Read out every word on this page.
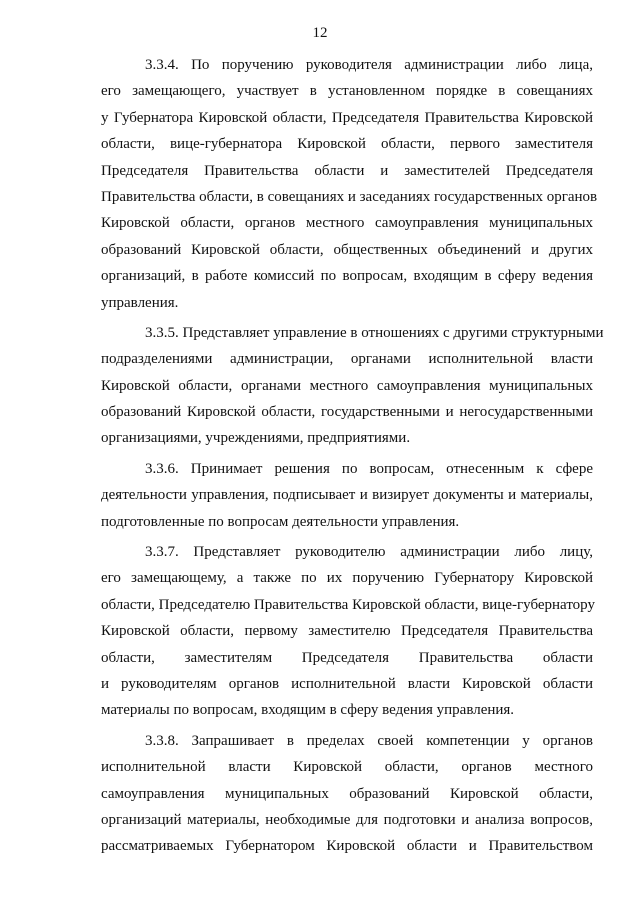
12
3.3.4. По поручению руководителя администрации либо лица,
его замещающего, участвует в установленном порядке в совещаниях
у Губернатора Кировской области, Председателя Правительства Кировской
области, вице-губернатора Кировской области, первого заместителя
Председателя Правительства области и заместителей Председателя
Правительства области, в совещаниях и заседаниях государственных органов
Кировской области, органов местного самоуправления муниципальных
образований Кировской области, общественных объединений и других
организаций, в работе комиссий по вопросам, входящим в сферу ведения
управления.
3.3.5. Представляет управление в отношениях с другими структурными
подразделениями администрации, органами исполнительной власти
Кировской области, органами местного самоуправления муниципальных
образований Кировской области, государственными и негосударственными
организациями, учреждениями, предприятиями.
3.3.6. Принимает решения по вопросам, отнесенным к сфере
деятельности управления, подписывает и визирует документы и материалы,
подготовленные по вопросам деятельности управления.
3.3.7. Представляет руководителю администрации либо лицу,
его замещающему, а также по их поручению Губернатору Кировской
области, Председателю Правительства Кировской области, вице-губернатору
Кировской области, первому заместителю Председателя Правительства
области, заместителям Председателя Правительства области
и руководителям органов исполнительной власти Кировской области
материалы по вопросам, входящим в сферу ведения управления.
3.3.8. Запрашивает в пределах своей компетенции у органов
исполнительной власти Кировской области, органов местного
самоуправления муниципальных образований Кировской области,
организаций материалы, необходимые для подготовки и анализа вопросов,
рассматриваемых Губернатором Кировской области и Правительством
